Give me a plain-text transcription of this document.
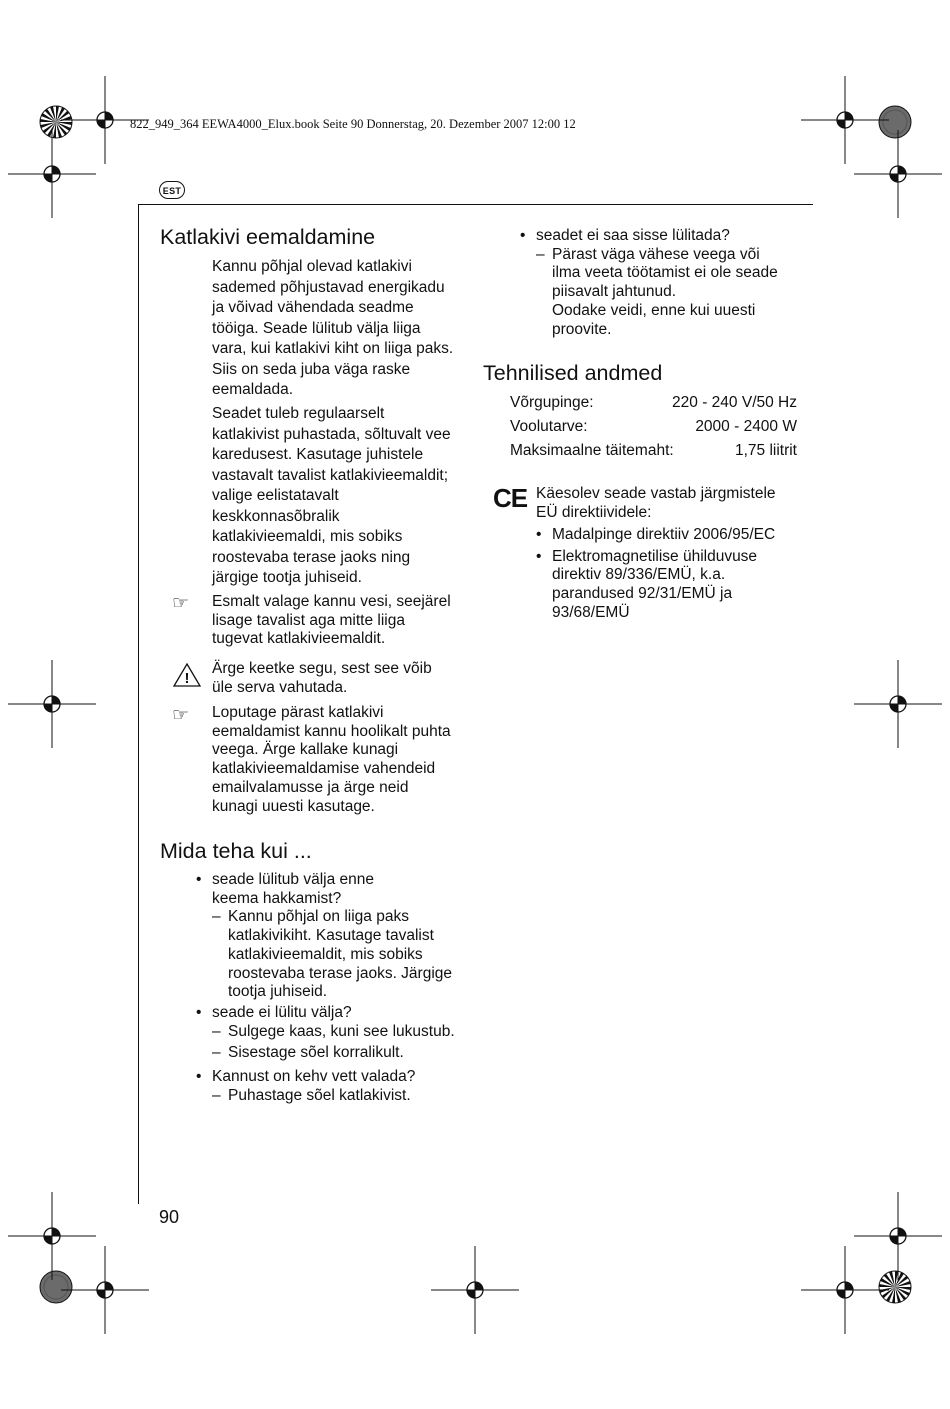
822_949_364 EEWA4000_Elux.book Seite 90 Donnerstag, 20. Dezember 2007 12:00 12
EST
Katlakivi eemaldamine
Kannu põhjal olevad katlakivi
sademed põhjustavad energikadu
ja võivad vähendada seadme
tööiga. Seade lülitub välja liiga
vara, kui katlakivi kiht on liiga paks.
Siis on seda juba väga raske
eemaldada.
Seadet tuleb regulaarselt
katlakivist puhastada, sõltuvalt vee
karedusest. Kasutage juhistele
vastavalt tavalist katlakivieemaldit;
valige eelistatavalt
keskkonnasõbralik
katlakivieemaldi, mis sobiks
roostevaba terase jaoks ning
järgige tootja juhiseid.
☞ Esmalt valage kannu vesi, seejärel
lisage tavalist aga mitte liiga
tugevat katlakivieemaldit.
!
Ärge keetke segu, sest see võib
üle serva vahutada.
☞ Loputage pärast katlakivi
eemaldamist kannu hoolikalt puhta
veega. Ärge kallake kunagi
katlakivieemaldamise vahendeid
emailvalamusse ja ärge neid
kunagi uuesti kasutage.
Mida teha kui ...
• seade lülitub välja enne
keema hakkamist?
– Kannu põhjal on liiga paks
katlakivikiht. Kasutage tavalist
katlakivieemaldit, mis sobiks
roostevaba terase jaoks. Järgige
tootja juhiseid.
• seade ei lülitu välja?
– Sulgege kaas, kuni see lukustub.
– Sisestage sõel korralikult.
• Kannust on kehv vett valada?
– Puhastage sõel katlakivist.
• seadet ei saa sisse lülitada?
– Pärast väga vähese veega või
ilma veeta töötamist ei ole seade
piisavalt jahtunud.
Oodake veidi, enne kui uuesti
proovite.
Tehnilised andmed
Võrgupinge:	220 - 240 V/50 Hz
Voolutarve:	2000 - 2400 W
Maksimaalne täitemaht:	1,75 liitrit
CE Käesolev seade vastab järgmistele
EÜ direktiividele:
• Madalpinge direktiiv 2006/95/EC
• Elektromagnetilise ühilduvuse
direktiv 89/336/EMÜ, k.a.
parandused 92/31/EMÜ ja
93/68/EMÜ
90
